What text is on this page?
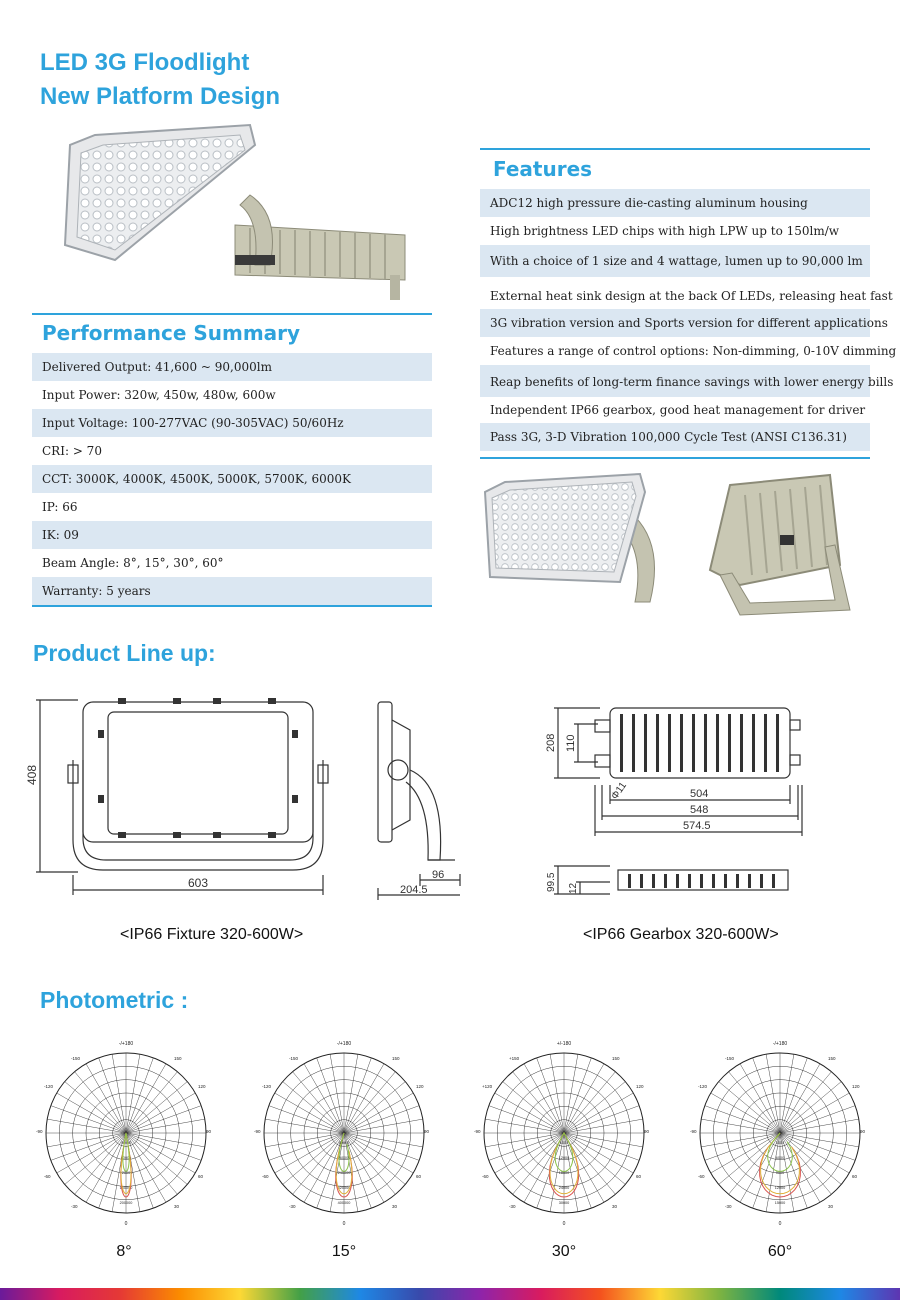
LED 3G Floodlight
New Platform Design
Features
ADC12 high pressure die-casting aluminum housing
High brightness LED chips with high LPW up to 150lm/w
With a choice of 1 size and 4 wattage, lumen up to 90,000 lm
External heat sink design at the back Of LEDs, releasing heat fast
3G vibration version and Sports version for different applications
Features a range of control options: Non-dimming, 0-10V dimming
Reap benefits of long-term finance savings with lower energy bills
Independent IP66 gearbox, good heat management for driver
Pass 3G, 3-D Vibration 100,000 Cycle Test (ANSI C136.31)
Performance Summary
Delivered Output: 41,600 ~ 90,000lm
Input Power: 320w, 450w, 480w, 600w
Input Voltage: 100-277VAC (90-305VAC) 50/60Hz
CRI: > 70
CCT: 3000K, 4000K, 4500K, 5000K, 5700K, 6000K
IP: 66
IK: 09
Beam Angle: 8°, 15°, 30°, 60°
Warranty: 5 years
Product Line up:
408
603
96
204.5
208 110
Φ11	504
548
574.5
99.5 12
<IP66 Fixture 320-600W>	<IP66 Gearbox 320-600W>
Photometric :
-/+180
0
-150
-120
-90
-60
-30
150
120
90
60
30
40000
80000
120000
160000
200000
-/+180
0
-150
-120
-90
-60
-30
150
120
90
60
30
80000
160000
240000
320000
400000
+/-180
0
+150
+120
-90
-60
-30
150
120
90
60
30
6000
12000
18000
24000
30000
-/+180
0
-150
-120
-90
-60
-30
150
120
90
60
30
3000
6000
9000
12000
15000
8°	15°	30°	60°
